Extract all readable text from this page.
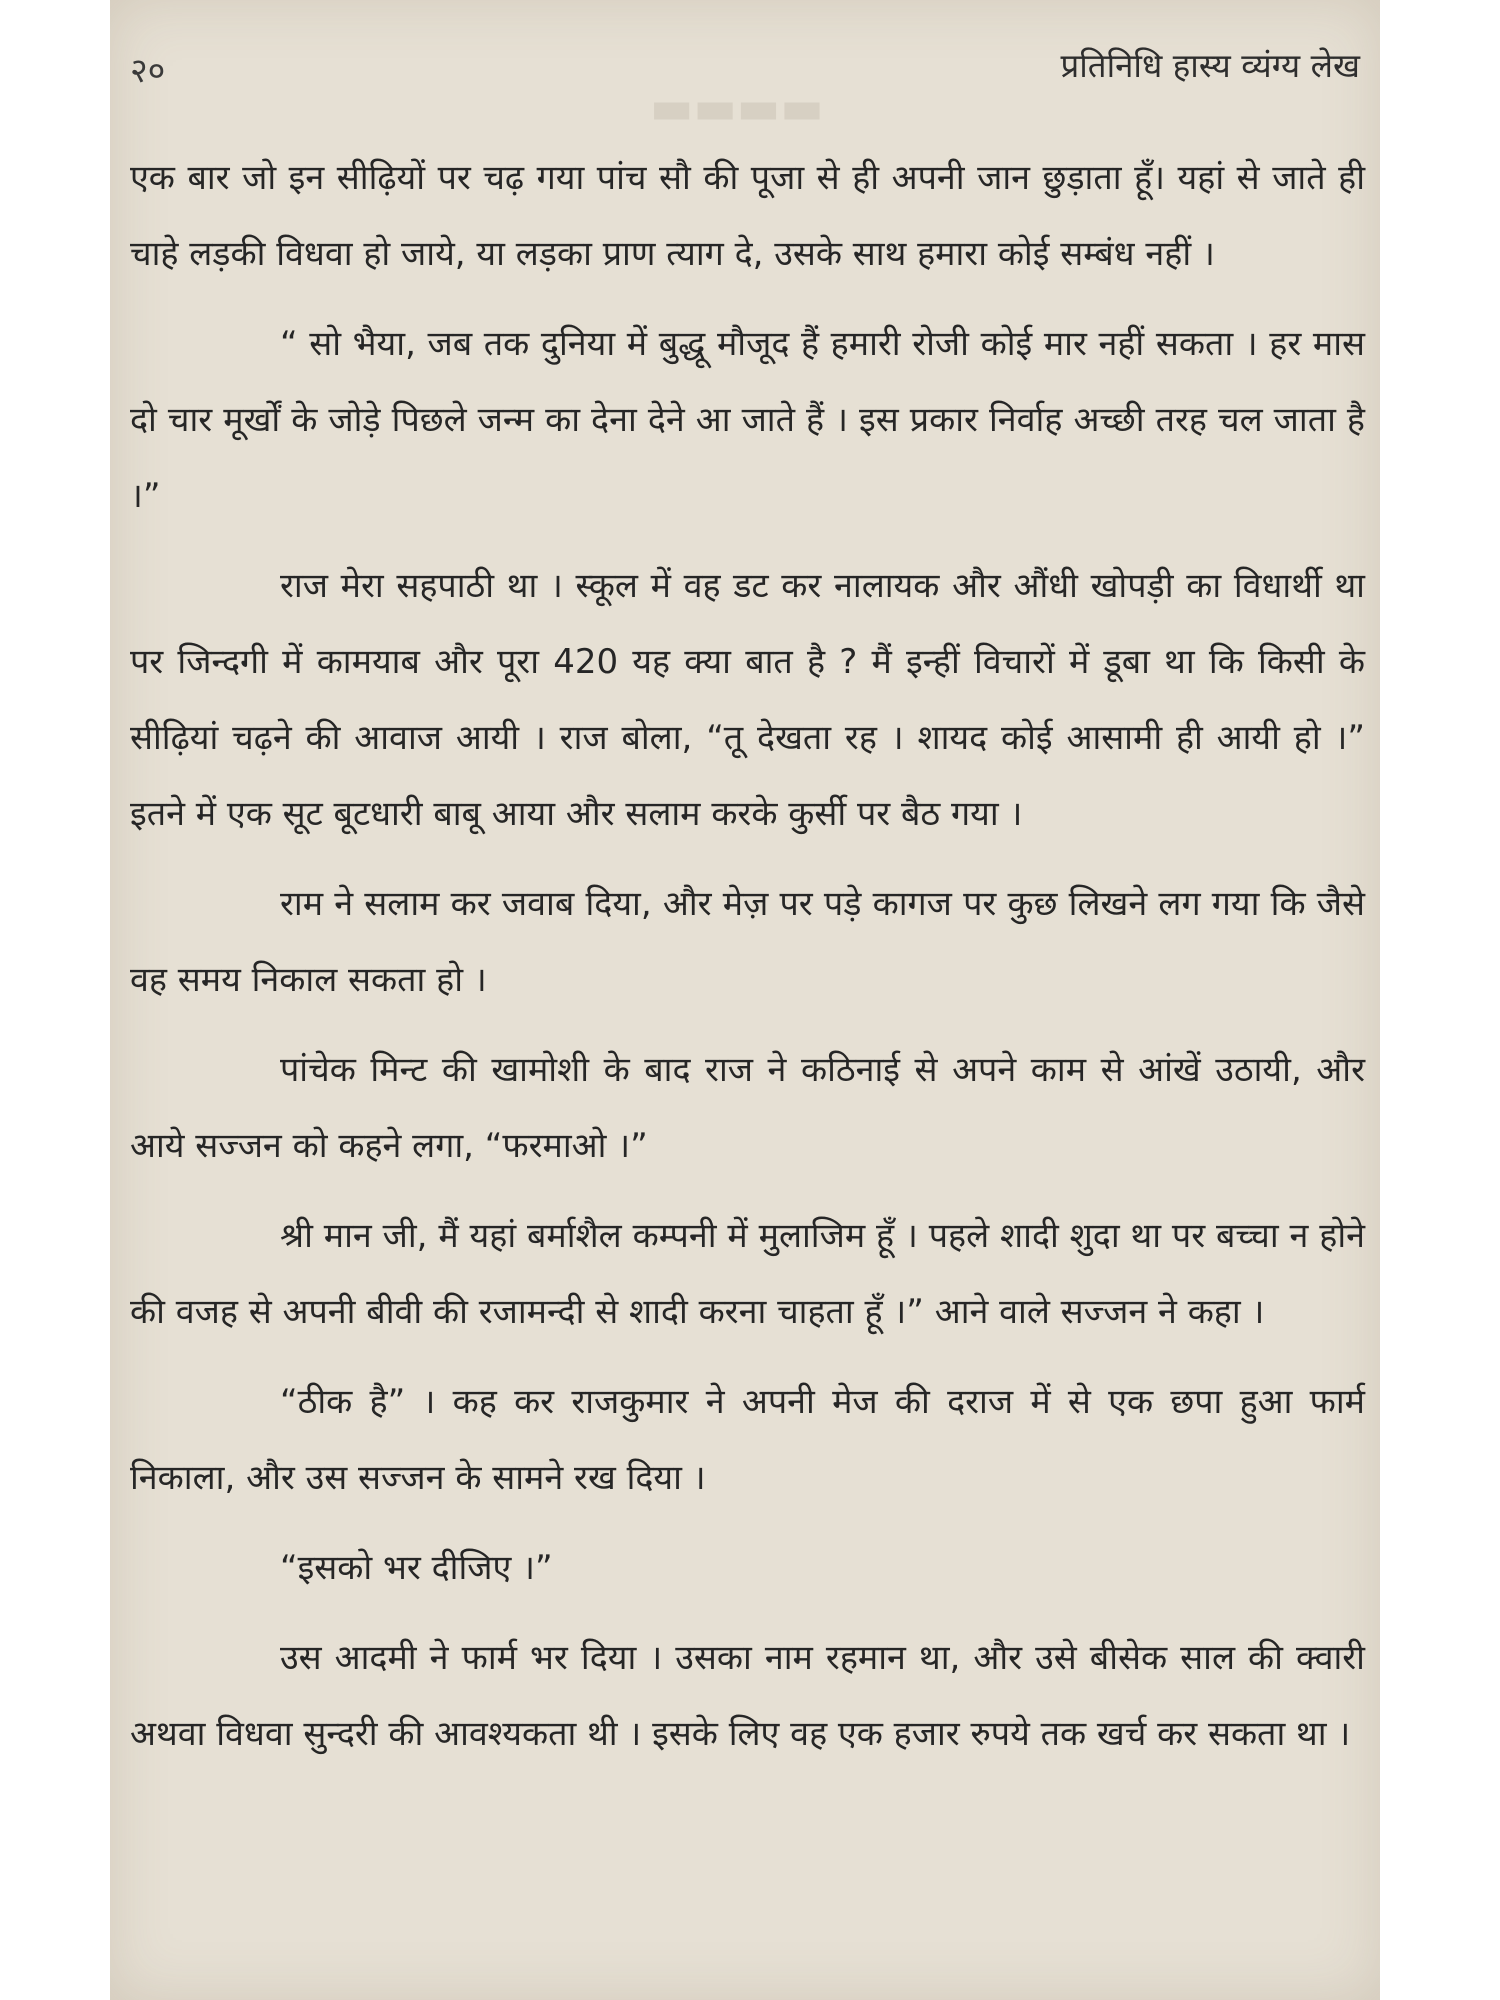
▬▬▬▬
२०	प्रतिनिधि हास्य व्यंग्य लेख

एक बार जो इन सीढ़ियों पर चढ़ गया पांच सौ की पूजा से ही अपनी जान छुड़ाता हूँ। यहां से जाते ही चाहे लड़की विधवा हो जाये, या लड़का प्राण त्याग दे, उसके साथ हमारा कोई सम्बंध नहीं ।

“ सो भैया, जब तक दुनिया में बुद्धू मौजूद हैं हमारी रोजी कोई मार नहीं सकता । हर मास दो चार मूर्खों के जोड़े पिछले जन्म का देना देने आ जाते हैं । इस प्रकार निर्वाह अच्छी तरह चल जाता है ।”

राज मेरा सहपाठी था । स्कूल में वह डट कर नालायक और औंधी खोपड़ी का विधार्थी था पर जिन्दगी में कामयाब और पूरा 420 यह क्या बात है ? मैं इन्हीं विचारों में डूबा था कि किसी के सीढ़ियां चढ़ने की आवाज आयी । राज बोला, “तू देखता रह । शायद कोई आसामी ही आयी हो ।” इतने में एक सूट बूटधारी बाबू आया और सलाम करके कुर्सी पर बैठ गया ।

राम ने सलाम कर जवाब दिया, और मेज़ पर पड़े कागज पर कुछ लिखने लग गया कि जैसे वह समय निकाल सकता हो ।

पांचेक मिन्ट की खामोशी के बाद राज ने कठिनाई से अपने काम से आंखें उठायी, और आये सज्जन को कहने लगा, “फरमाओ ।”

श्री मान जी, मैं यहां बर्माशैल कम्पनी में मुलाजिम हूँ । पहले शादी शुदा था पर बच्चा न होने की वजह से अपनी बीवी की रजामन्दी से शादी करना चाहता हूँ ।” आने वाले सज्जन ने कहा ।

“ठीक है” । कह कर राजकुमार ने अपनी मेज की दराज में से एक छपा हुआ फार्म निकाला, और उस सज्जन के सामने रख दिया ।

“इसको भर दीजिए ।”

उस आदमी ने फार्म भर दिया । उसका नाम रहमान था, और उसे बीसेक साल की क्वारी अथवा विधवा सुन्दरी की आवश्यकता थी । इसके लिए वह एक हजार रुपये तक खर्च कर सकता था ।
